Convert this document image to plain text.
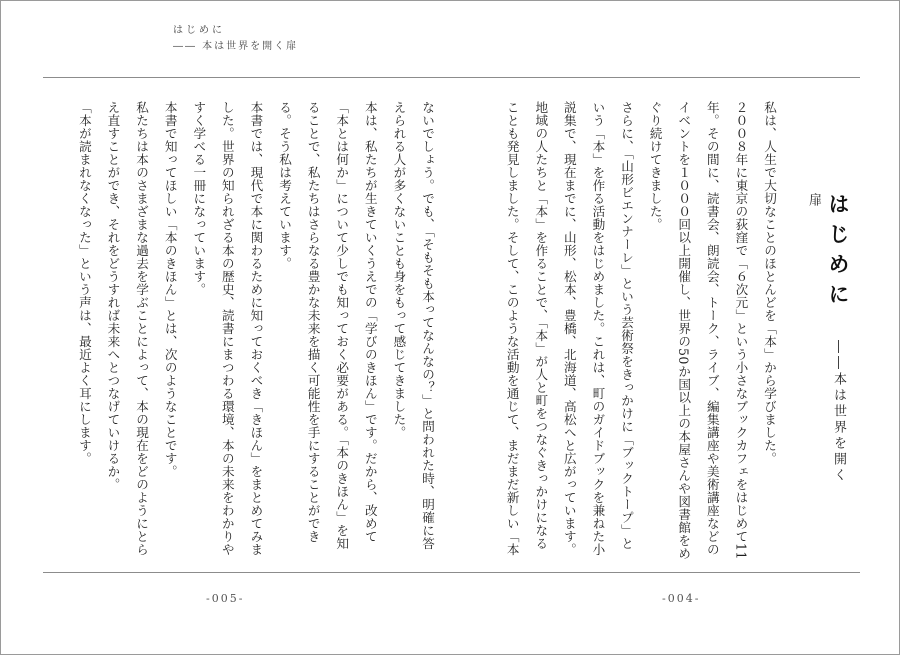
はじめに
―― 本は世界を開く扉
はじめに ――本は世界を開く扉

私は、人生で大切なことのほとんどを「本」から学びました。

２００８年に東京の荻窪で「６次元」という小さなブックカフェをはじめて11年。その間に、読書会、朗読会、トーク、ライブ、編集講座や美術講座などのイベントを１０００回以上開催し、世界の50か国以上の本屋さんや図書館をめぐり続けてきました。

さらに、「山形ビエンナーレ」という芸術祭をきっかけに「ブックトープ」という「本」を作る活動をはじめました。これは、町のガイドブックを兼ねた小説集で、現在までに、山形、松本、豊橋、北海道、高松へと広がっています。地域の人たちと「本」を作ることで、「本」が人と町をつなぐきっかけになることも発見しました。そして、このような活動を通じて、まだまだ新しい「本

ないでしょう。でも、「そもそも本ってなんなの？」と問われた時、明確に答えられる人が多くないことも身をもって感じてきました。

本は、私たちが生きていくうえでの「学びのきほん」です。だから、改めて「本とは何か」について少しでも知っておく必要がある。「本のきほん」を知ることで、私たちはさらなる豊かな未来を描く可能性を手にすることができる。そう私は考えています。

本書では、現代で本に関わるために知っておくべき「きほん」をまとめてみました。世界の知られざる本の歴史、読書にまつわる環境、本の未来をわかりやすく学べる一冊になっています。

本書で知ってほしい「本のきほん」とは、次のようなことです。

私たちは本のさまざまな過去を学ぶことによって、本の現在をどのようにとらえ直すことができ、それをどうすれば未来へとつなげていけるか。

「本が読まれなくなった」という声は、最近よく耳にします。

-005-	-004-
